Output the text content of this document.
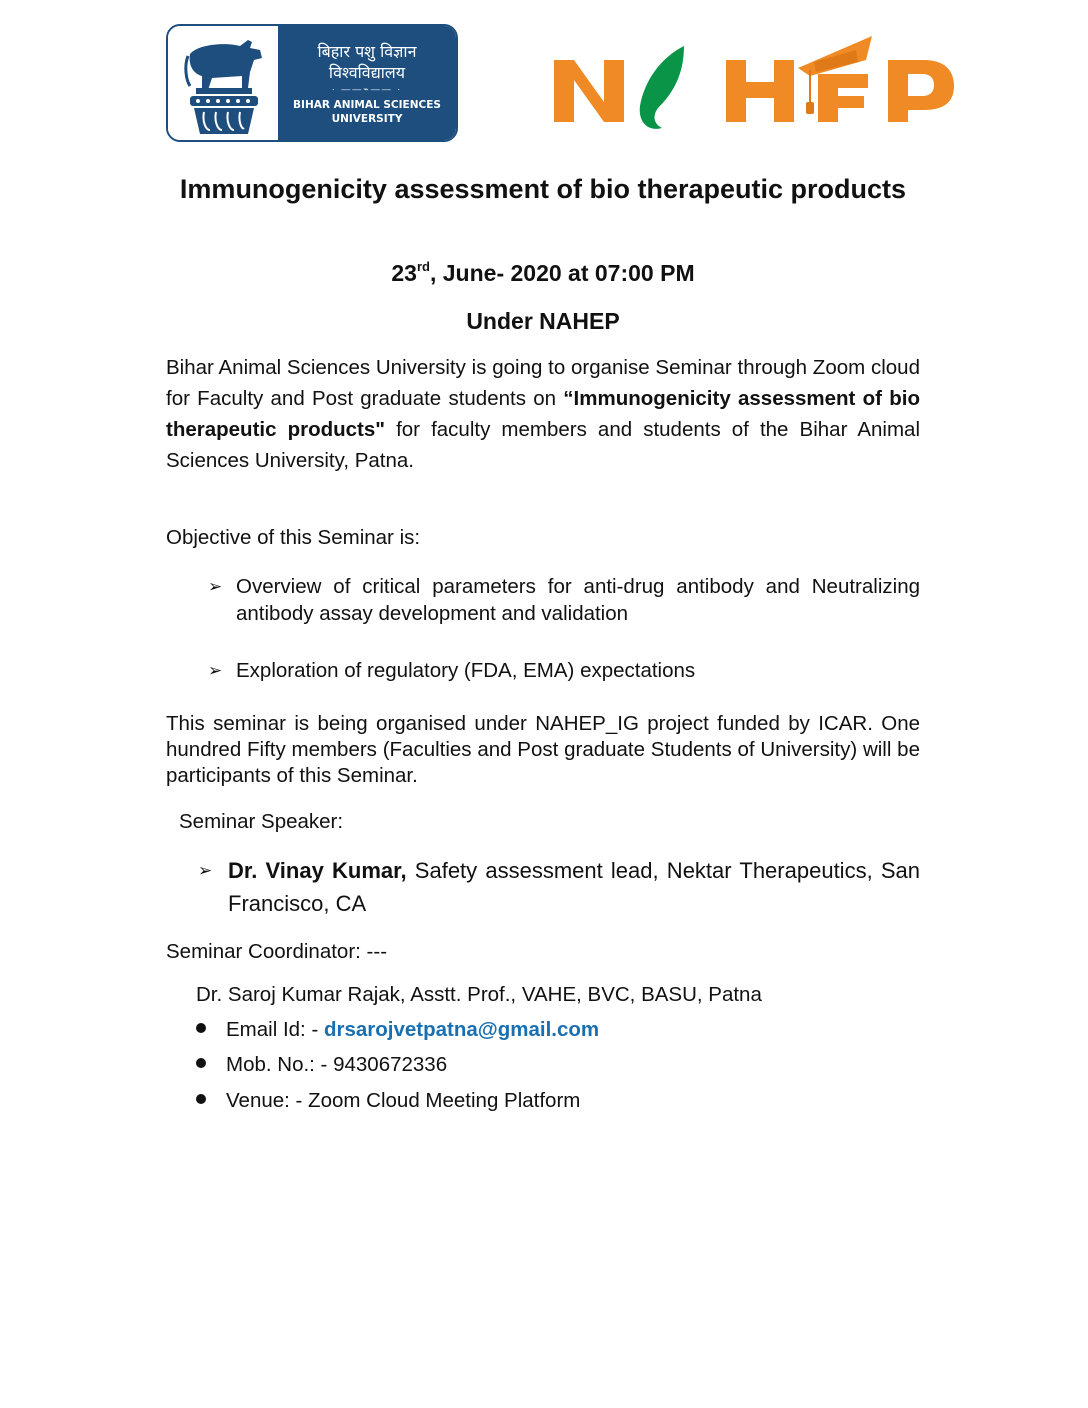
बिहार पशु विज्ञान
विश्वविद्यालय
· ——⌁—— ·
BIHAR ANIMAL SCIENCES
UNIVERSITY
Immunogenicity assessment of bio therapeutic products
23rd, June- 2020 at 07:00 PM
Under NAHEP
Bihar Animal Sciences University is going to organise Seminar through Zoom cloud for Faculty and Post graduate students on “Immunogenicity assessment of bio therapeutic products" for faculty members and students of the Bihar Animal Sciences University, Patna.
Objective of this Seminar is:
➢ Overview of critical parameters for anti-drug antibody and Neutralizing antibody assay development and validation
➢ Exploration of regulatory (FDA, EMA) expectations
This seminar is being organised under NAHEP_IG project funded by ICAR. One hundred Fifty members (Faculties and Post graduate Students of University) will be participants of this Seminar.
Seminar Speaker:
➢ Dr. Vinay Kumar, Safety assessment lead, Nektar Therapeutics, San Francisco, CA
Seminar Coordinator: ---
Dr. Saroj Kumar Rajak, Asstt. Prof., VAHE, BVC, BASU, Patna
Email Id: - drsarojvetpatna@gmail.com
Mob. No.: - 9430672336
Venue: - Zoom Cloud Meeting Platform
